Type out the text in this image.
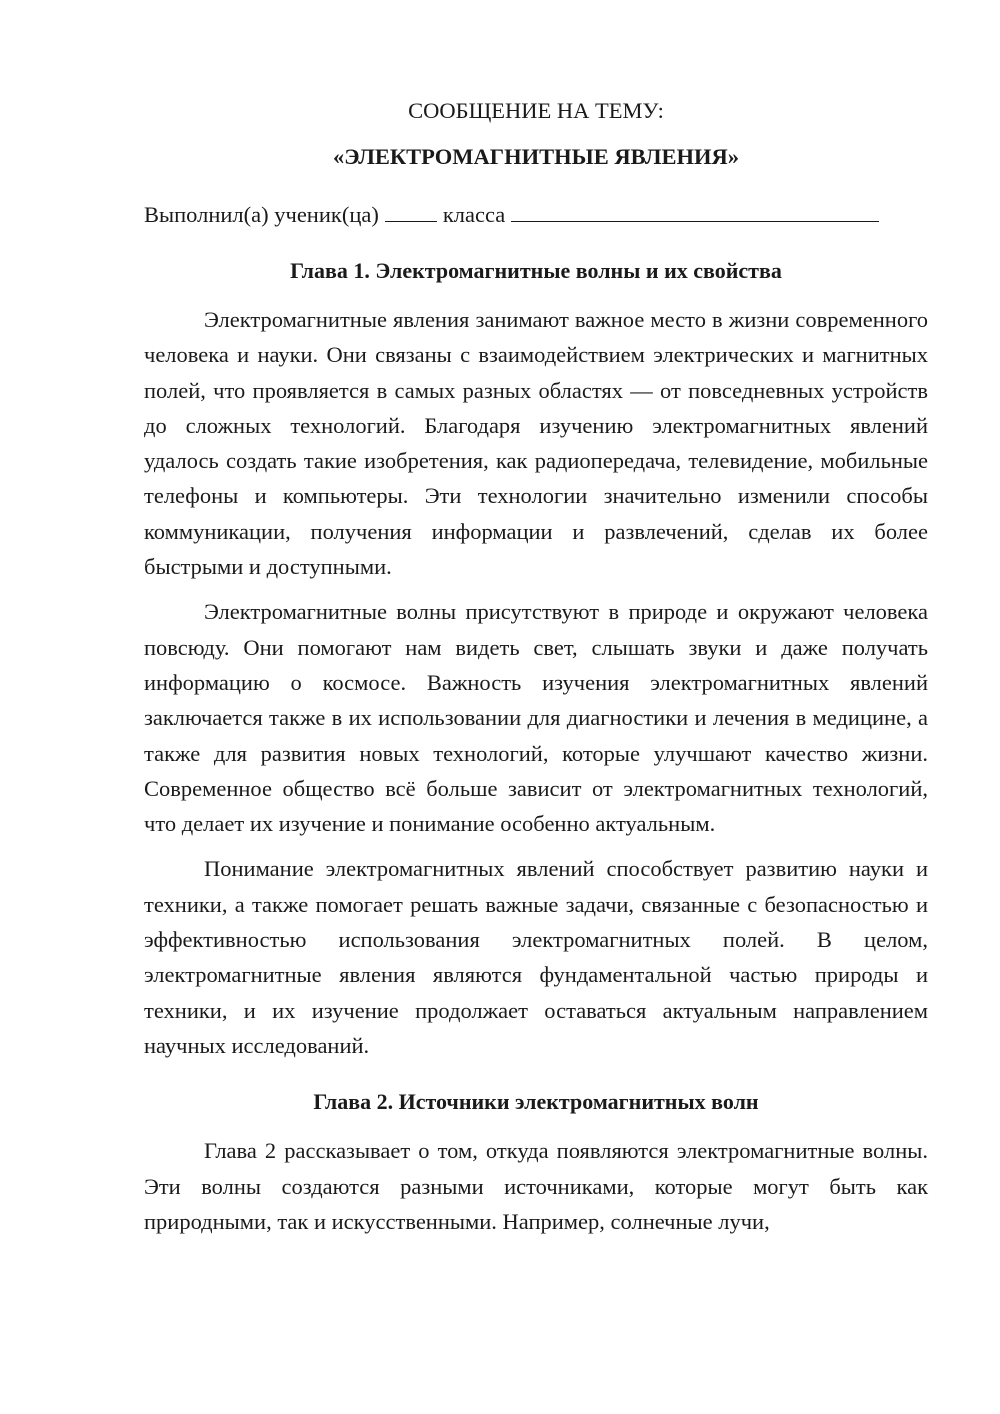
СООБЩЕНИЕ НА ТЕМУ:

«ЭЛЕКТРОМАГНИТНЫЕ ЯВЛЕНИЯ»

Выполнил(а) ученик(ца)	класса

Глава 1. Электромагнитные волны и их свойства

Электромагнитные явления занимают важное место в жизни современного человека и науки. Они связаны с взаимодействием электрических и магнитных полей, что проявляется в самых разных областях — от повседневных устройств до сложных технологий. Благодаря изучению электромагнитных явлений удалось создать такие изобретения, как радиопередача, телевидение, мобильные телефоны и компьютеры. Эти технологии значительно изменили способы коммуникации, получения информации и развлечений, сделав их более быстрыми и доступными.

Электромагнитные волны присутствуют в природе и окружают человека повсюду. Они помогают нам видеть свет, слышать звуки и даже получать информацию о космосе. Важность изучения электромагнитных явлений заключается также в их использовании для диагностики и лечения в медицине, а также для развития новых технологий, которые улучшают качество жизни. Современное общество всё больше зависит от электромагнитных технологий, что делает их изучение и понимание особенно актуальным.

Понимание электромагнитных явлений способствует развитию науки и техники, а также помогает решать важные задачи, связанные с безопасностью и эффективностью использования электромагнитных полей. В целом, электромагнитные явления являются фундаментальной частью природы и техники, и их изучение продолжает оставаться актуальным направлением научных исследований.

Глава 2. Источники электромагнитных волн

Глава 2 рассказывает о том, откуда появляются электромагнитные волны. Эти волны создаются разными источниками, которые могут быть как природными, так и искусственными. Например, солнечные лучи,
